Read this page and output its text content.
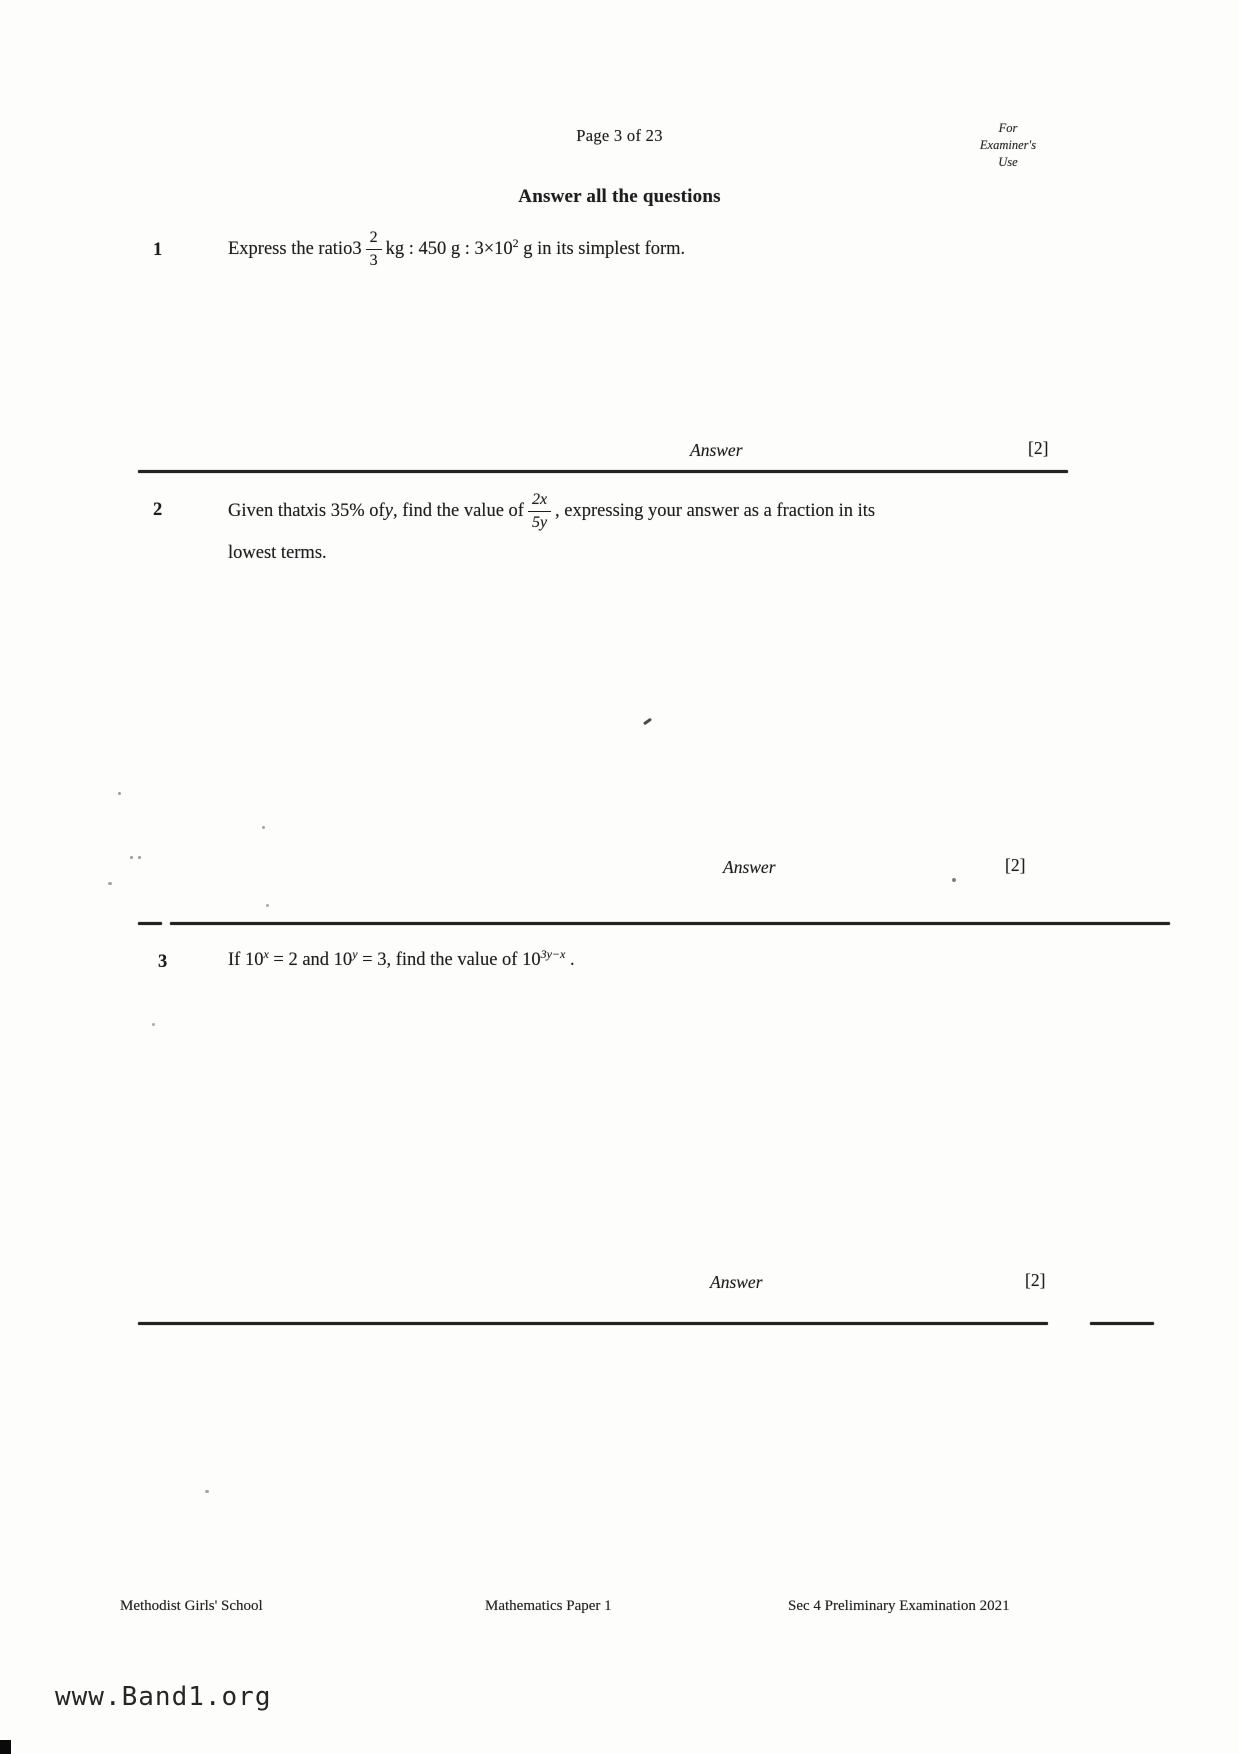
Page 3 of 23	For
Examiner's
Use
Answer all the questions
1	Express the ratio $3 \frac{2}{3}$ kg : 450 g : $3\times 10^2$ g in its simplest form.
Answer	[2]
2	Given that x is 35% of y , find the value of $\frac{2x}{5y}$ , expressing your answer as a fraction in its
lowest terms.
Answer	[2]
3	If $10^x = 2$ and $10^y = 3$, find the value of $10^{3y-x}$ .
Answer	[2]
Methodist Girls' School	Mathematics Paper 1	Sec 4 Preliminary Examination 2021
www.Band1.org
